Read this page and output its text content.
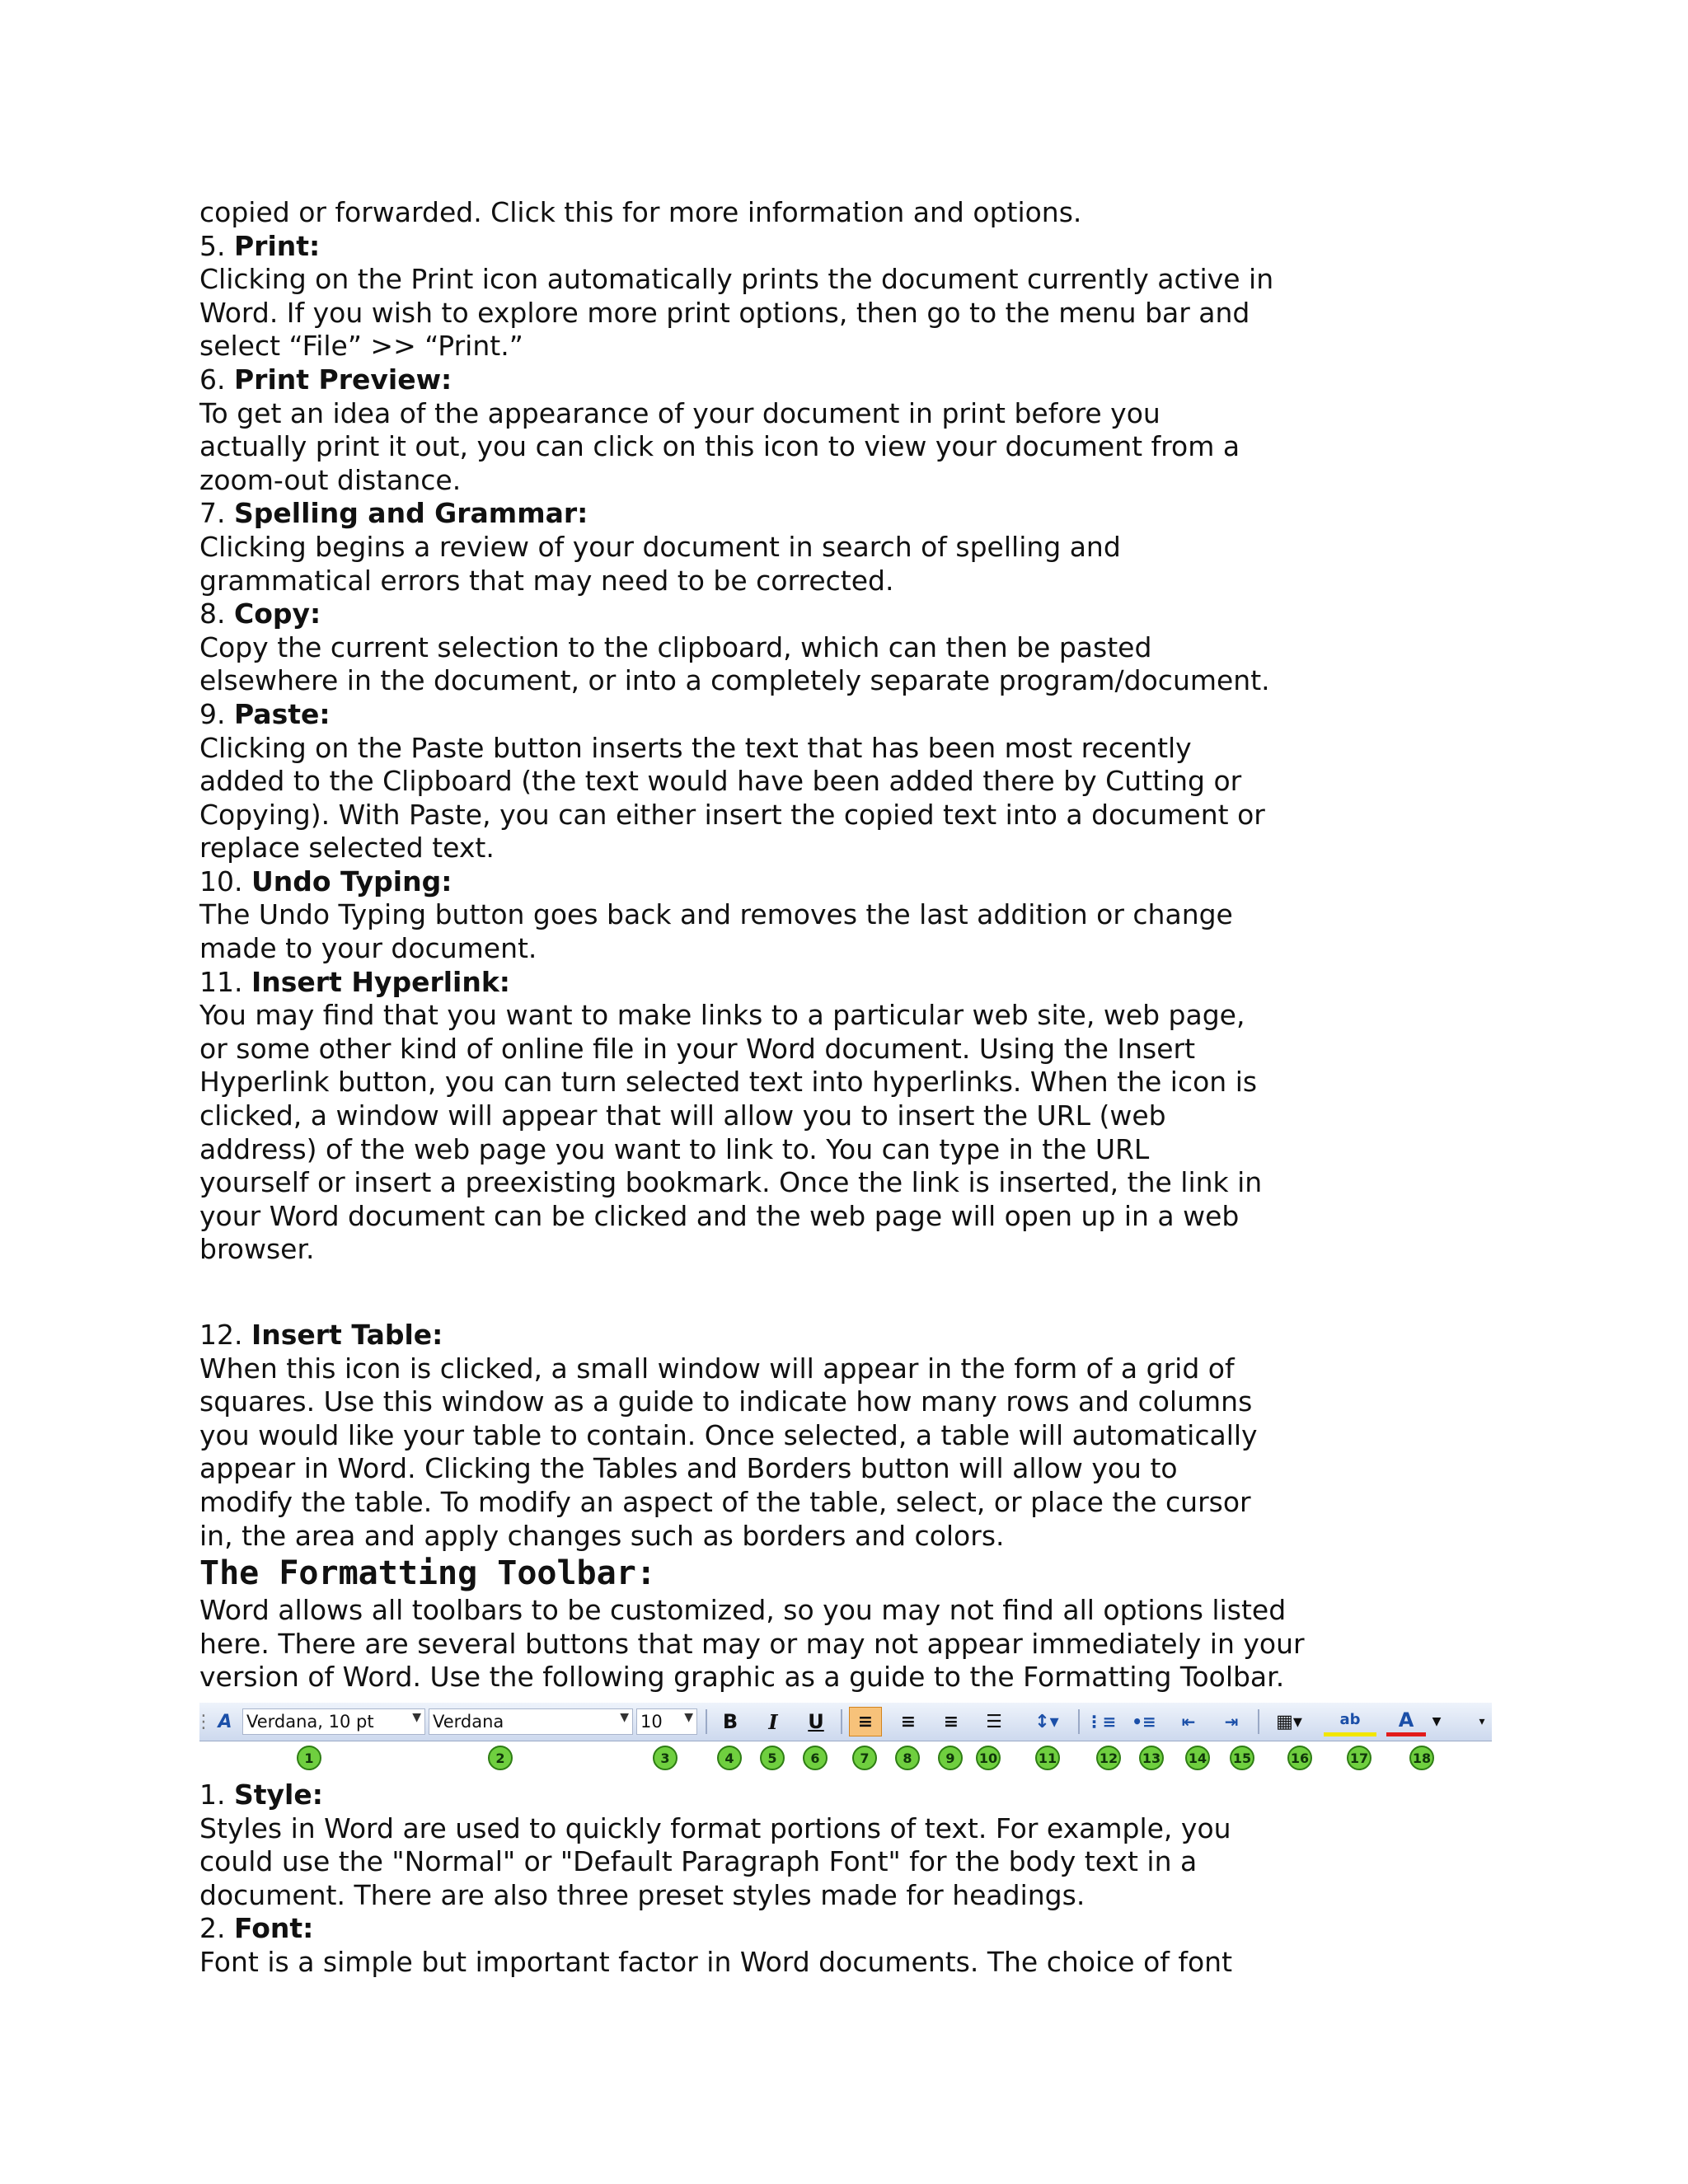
copied or forwarded. Click this for more information and options.

5. Print:

Clicking on the Print icon automatically prints the document currently active in

Word. If you wish to explore more print options, then go to the menu bar and

select “File” >> “Print.”

6. Print Preview:

To get an idea of the appearance of your document in print before you

actually print it out, you can click on this icon to view your document from a

zoom-out distance.

7. Spelling and Grammar:

Clicking begins a review of your document in search of spelling and

grammatical errors that may need to be corrected.

8. Copy:

Copy the current selection to the clipboard, which can then be pasted

elsewhere in the document, or into a completely separate program/document.

9. Paste:

Clicking on the Paste button inserts the text that has been most recently

added to the Clipboard (the text would have been added there by Cutting or

Copying). With Paste, you can either insert the copied text into a document or

replace selected text.

10. Undo Typing:

The Undo Typing button goes back and removes the last addition or change

made to your document.

11. Insert Hyperlink:

You may find that you want to make links to a particular web site, web page,

or some other kind of online file in your Word document. Using the Insert

Hyperlink button, you can turn selected text into hyperlinks. When the icon is

clicked, a window will appear that will allow you to insert the URL (web

address) of the web page you want to link to. You can type in the URL

yourself or insert a preexisting bookmark. Once the link is inserted, the link in

your Word document can be clicked and the web page will open up in a web

browser.

12. Insert Table:

When this icon is clicked, a small window will appear in the form of a grid of

squares. Use this window as a guide to indicate how many rows and columns

you would like your table to contain. Once selected, a table will automatically

appear in Word. Clicking the Tables and Borders button will allow you to

modify the table. To modify an aspect of the table, select, or place the cursor

in, the area and apply changes such as borders and colors.

The Formatting Toolbar:

Word allows all toolbars to be customized, so you may not find all options listed

here. There are several buttons that may or may not appear immediately in your

version of Word. Use the following graphic as a guide to the Formatting Toolbar.

⋮ A Verdana, 10 pt	▼ Verdana	▼ 10 ▼	B	I	U	≡	≡	≡	☰	↕▾	⋮≡ •≡	⇤	⇥	▦▾	ab	A	▼	▾
1	2	3	4	5	6	7	8	9	10	11	12 13 14 15	16	17	18

1. Style:

Styles in Word are used to quickly format portions of text. For example, you

could use the "Normal" or "Default Paragraph Font" for the body text in a

document. There are also three preset styles made for headings.

2. Font:

Font is a simple but important factor in Word documents. The choice of font
